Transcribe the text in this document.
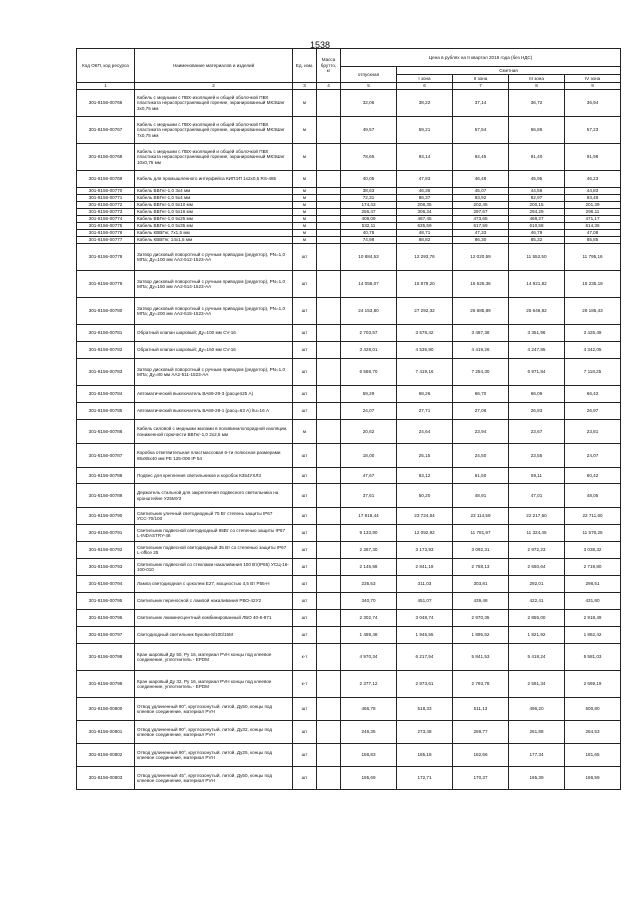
1538
Код ОКП, код ресурса	Наименование материалов и изделий	Ед. изм.	Масса брутто, кг	Цена в рублях на II квартал 2018 года (без НДС)				
				отпускная	Сметная			
					I зона	II зона	III зона	IV зона
1	2	3	4	5	6	7	8	9
301-8156-00766	Кабель с медными с ПВХ-изоляцией и общей оболочкой ПВХ пластиката нераспространяющей горение, экранированный МКЭШнг 3х0,75 мм	м		32,06	38,22	37,14	36,72	36,94
301-8156-00767	Кабель с медными с ПВХ-изоляцией и общей оболочкой ПВХ пластиката нераспространяющей горение, экранированный МКЭШнг 7х0,75 мм	м		49,57	59,21	57,54	56,86	57,23
301-8156-00768	Кабель с медными с ПВХ-изоляцией и общей оболочкой ПВХ пластиката нераспространяющей горение, экранированный МКЭШнг 10х0,75 мм	м		78,65	93,14	92,45	91,40	91,96
301-8156-00769	Кабель для промышленного интерфейса КИПЭП 1х2х0,6 RS-485	м		40,05	47,83	46,48	45,95	46,23
301-8156-00770	Кабель ВВГнг-1,0 3х4 мм	м		38,63	46,36	45,07	44,56	44,83
301-8156-00771	Кабель ВВГнг-1,0 5х4 мм	м		72,31	86,37	83,92	82,97	83,48
301-8156-00772	Кабель ВВГнг-1,0 5х10 мм	м		174,43	208,35	202,45	200,15	201,39
301-8156-00773	Кабель ВВГнг-1,0 5х16 мм	м		256,47	306,34	297,67	294,29	296,11
301-8156-00774	Кабель ВВГнг-1,0 5х25 мм	м		408,09	487,45	473,65	468,27	471,17
301-8156-00775	Кабель ВВГнг-1,0 5х35 мм	м		532,11	635,59	617,59	610,58	614,36
301-8156-00776	Кабель КВВГнг, 7х1,5 мм	м		40,78	48,71	47,33	46,79	47,08
301-8156-00777	Кабель КВВГнг, 14х1,5 мм	м		74,98	88,82	86,30	85,32	85,85
301-8156-00778	Затвор дисковый поворотный с ручным приводом (редуктор), PN=1,0 МПа; Ду=100 мм АА2-512-1523-АА	шт		10 884,53	12 293,76	12 020,59	11 552,50	11 795,16
301-8156-00779	Затвор дисковый поворотный с ручным приводом (редуктор), PN=1,0 МПа; Ду=150 мм АА2-514-1523-АА	шт		14 058,07	15 879,20	15 526,36	14 921,82	15 235,19
301-8156-00780	Затвор дисковый поворотный с ручным приводом (редуктор), PN=1,0 МПа; Ду=200 мм АА2-515-1523-АА	шт		24 153,80	27 292,32	26 685,89	25 646,82	26 185,43
301-8156-00781	Обратный клапан шаровый; Ду=100 мм CV-16	шт		2 703,57	3 578,42	3 487,38	3 351,96	3 426,49
301-8156-00782	Обратный клапан шаровый; Ду=150 мм CV-16	шт		3 428,01	4 535,90	4 419,26	4 247,85	4 342,05
301-8156-00783	Затвор дисковый поворотный с ручным приводом (редуктор), PN=1,0 МПа; Ду=80 мм АА2-511-1523-АА	шт		6 568,70	7 419,16	7 254,30	6 971,84	7 118,25
301-8156-00784	Автоматический выключатель ВА69-29-3 (расцеп25 А)	шт		59,29	68,26	66,70	66,09	66,42
301-8156-00785	Автоматический выключатель ВА69-29-1 (расц=63 А) ltu=16 А	шт		24,07	27,71	27,08	26,83	26,97
301-8156-00786	Кабель силовой с медными жилами в поливинилхлоридной изоляции, пониженной горючести ВВГнг-1,0 2х2,5 мм	м		20,62	24,64	23,94	23,67	23,81
301-8156-00787	Коробка ответвительная пластмассовая 6-ти полюсная размерами 85х85х40 мм PE 125-006 IP 54	шт		18,00	25,15	24,50	23,55	24,07
301-8156-00788	Подвес для крепления светильников и коробок К354УХЛ3	шт		47,67	63,12	61,50	59,11	60,42
301-8156-00789	Держатель стальной для закрепления подвесного светильника на кронштейне У25МУ3	шт		37,61	50,20	48,91	47,01	48,05
301-8156-00790	Светильник уличный светодиодный 75 Вт степень защиты IP67 УСС-70/100	шт		17 918,44	23 724,64	23 114,59	22 217,60	22 711,60
301-8156-00791	Светильник подвесной светодиодный 65Вт со степенью защиты IP67 L-INDASTRY-48	шт		9 133,90	12 092,92	11 781,97	11 324,45	11 576,25
301-8156-00792	Светильник подвесной светодиодный 35 Вт со степенью защиты IP67 L-office 25	шт		2 397,30	3 173,93	3 092,31	2 972,23	3 038,32
301-8156-00793	Светильник подвесной со стеклами накаливания 100 Вт(IP65) УСЦ-16-100-010	шт		2 145,98	2 841,19	2 768,13	2 660,64	2 719,80
301-8156-00794	Лампа светодиодная с цоколем Е27, мощностью 4,5 Вт Р55-Н	шт		235,53	311,03	303,81	292,01	298,51
301-8156-00795	Светильник переносной с лампой накаливания РВО-42У2	шт		340,70	451,07	439,48	422,41	431,80
301-8156-00796	Светильник люминесцентный комбинированный ЛБО 40-6-971	шт		2 302,74	3 048,74	2 970,35	2 855,00	2 918,49
301-8156-00797	Светодиодный светильник Букова-8/100/15М	шт		1 469,48	1 945,55	1 895,52	1 821,92	1 862,42
301-8156-00798	Кран шаровый Ду 50, Ру 16, материал PVH концы под клеевое соединение, уплотнитель - EPDM	к-т		4 970,34	6 217,54	5 841,53	5 418,24	5 581,03
301-8156-00799	Кран шаровый Ду 32, Ру 16, материал PVH концы под клеевое соединение, уплотнитель - EPDM	к-т		2 377,12	2 973,61	2 793,78	2 591,34	2 669,19
301-8156-00800	Отвод удлиненный 90°, круглозонутый, литой, Ду50, концы под клеевое соединение, материал PVH	шт		466,78	518,33	511,13	496,20	500,80
301-8156-00801	Отвод удлиненный 90°, круглозонутый, литой, Ду32, концы под клеевое соединение, материал PVH	шт		246,35	273,48	269,77	261,88	264,53
301-8156-00802	Отвод удлиненный 90°, круглозонутый, литой, Ду25, концы под клеевое соединение, материал PVH	шт		156,83	185,18	182,66	177,34	181,65
301-8156-00803	Отвод удлиненный 45°, круглозонутый, литой, Ду50, концы под клеевое соединение, материал PVH	шт		155,69	172,71	170,37	165,39	166,59
